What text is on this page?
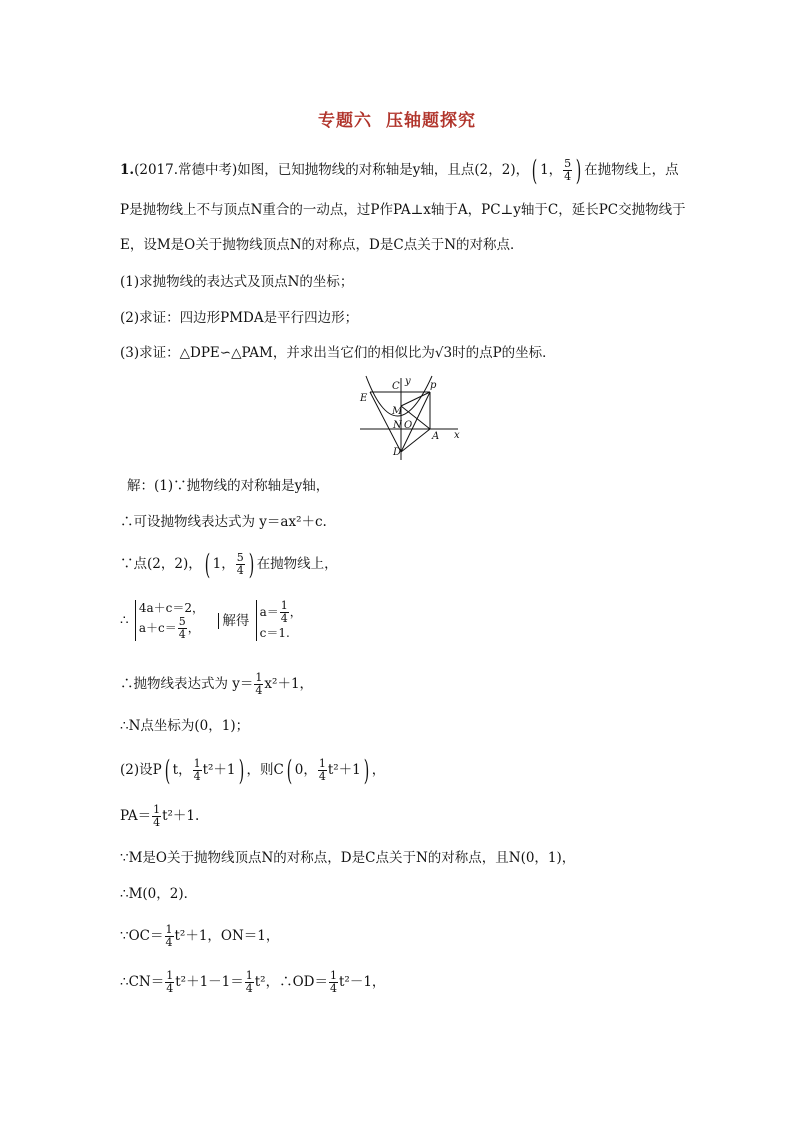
专题六 压轴题探究
1.(2017.常德中考)如图，已知抛物线的对称轴是y轴，且点(2，2)，( 1， $\frac{5}{4}$ ) 在抛物线上，点
P是抛物线上不与顶点N重合的一动点，过P作PA⊥x轴于A，PC⊥y轴于C，延长PC交抛物线于
E，设M是O关于抛物线顶点N的对称点，D是C点关于N的对称点．
(1)求抛物线的表达式及顶点N的坐标；
(2)求证：四边形PMDA是平行四边形；
(3)求证：△DPE∽△PAM，并求出当它们的相似比为√3时的点P的坐标．
C y p
E
M
N O
A x
D
解：(1)∵抛物线的对称轴是y轴，
∴可设抛物线表达式为 y＝ax²＋c.
∵点(2，2)，( 1， $\frac{5}{4}$ ) 在抛物线上，
∴
4a＋c＝2，
$a+c= \frac{5}{4}$ ，	解得
$a= \frac{1}{4}$ ，
c＝1.
∴抛物线表达式为 $y= \frac{1}{4} x^2+1$，
∴N点坐标为(0，1)；
(2)设P( t， $\frac{1}{4} t^2+1$) ，则C( 0， $\frac{1}{4} t^2+1$) ，
$PA= \frac{1}{4} t^2+1$.
∵M是O关于抛物线顶点N的对称点，D是C点关于N的对称点，且N(0，1)，
∴M(0，2)．
∵OC＝ $\frac{1}{4} t^2+1$，ON＝1，
∴CN＝ $\frac{1}{4} t^2+1-1= \frac{1}{4} t^2$，∴OD＝ $\frac{1}{4} t^2-1$，
